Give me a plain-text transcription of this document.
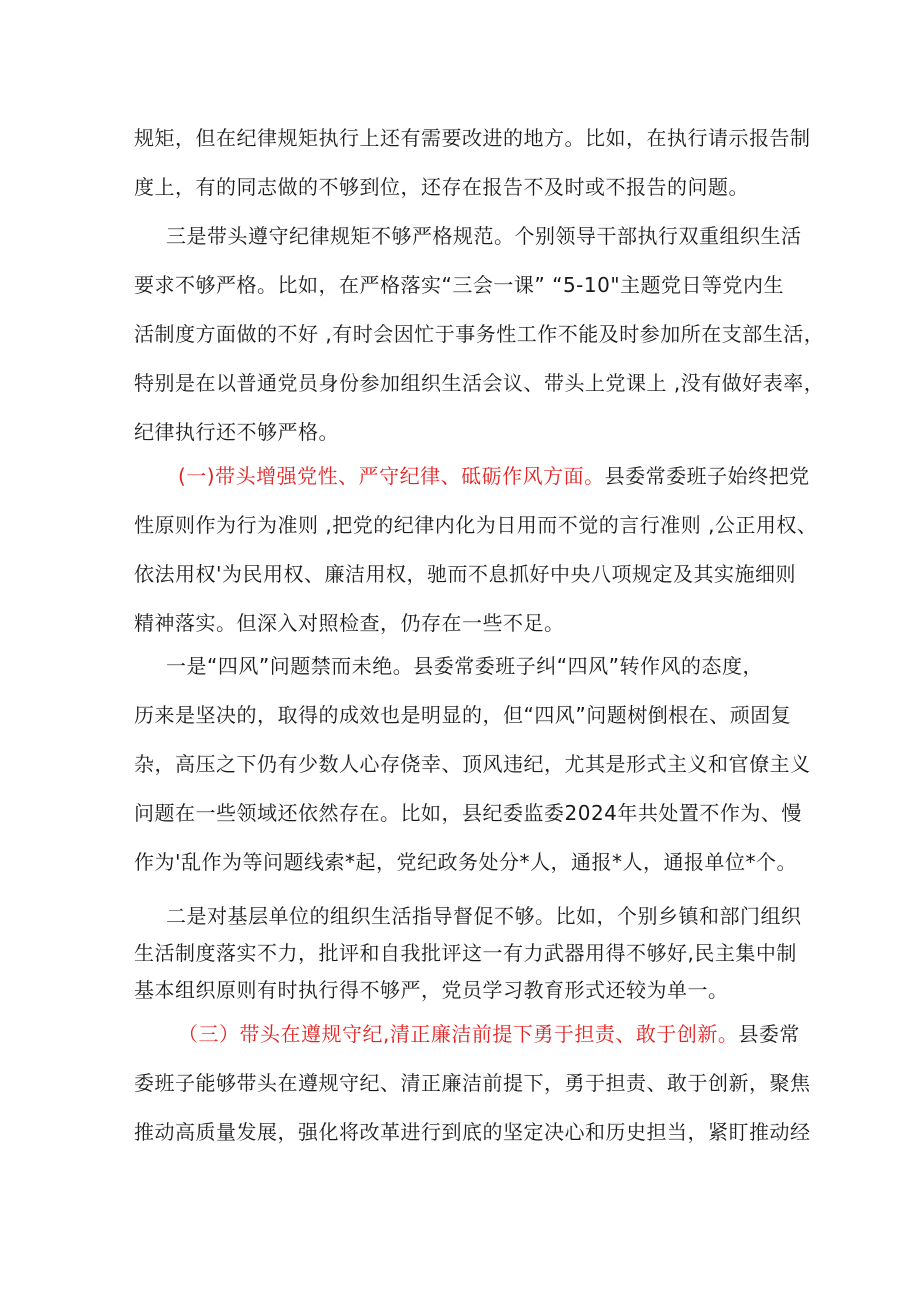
规矩，但在纪律规矩执行上还有需要改进的地方。比如，在执行请示报告制
度上，有的同志做的不够到位，还存在报告不及时或不报告的问题。

三是带头遵守纪律规矩不够严格规范。个别领导干部执行双重组织生活
要求不够严格。比如，在严格落实“三会一课” “5-10"主题党日等党内生
活制度方面做的不好 ,有时会因忙于事务性工作不能及时参加所在支部生活，
特别是在以普通党员身份参加组织生活会议、带头上党课上 ,没有做好表率，
纪律执行还不够严格。

(一)带头增强党性、严守纪律、砥砺作风方面。县委常委班子始终把党
性原则作为行为准则 ,把党的纪律内化为日用而不觉的言行准则 ,公正用权、
依法用权'为民用权、廉洁用权，驰而不息抓好中央八项规定及其实施细则
精神落实。但深入对照检查，仍存在一些不足。

一是“四风”问题禁而未绝。县委常委班子纠“四风”转作风的态度，
历来是坚决的，取得的成效也是明显的，但“四风”问题树倒根在、顽固复
杂，高压之下仍有少数人心存侥幸、顶风违纪，尤其是形式主义和官僚主义
问题在一些领域还依然存在。比如，县纪委监委2024年共处置不作为、慢
作为'乱作为等问题线索*起，党纪政务处分*人，通报*人，通报单位*个。

二是对基层单位的组织生活指导督促不够。比如，个别乡镇和部门组织
生活制度落实不力，批评和自我批评这一有力武器用得不够好,民主集中制
基本组织原则有时执行得不够严，党员学习教育形式还较为单一。

（三）带头在遵规守纪,清正廉洁前提下勇于担责、敢于创新。县委常
委班子能够带头在遵规守纪、清正廉洁前提下，勇于担责、敢于创新，聚焦
推动高质量发展，强化将改革进行到底的坚定决心和历史担当，紧盯推动经
